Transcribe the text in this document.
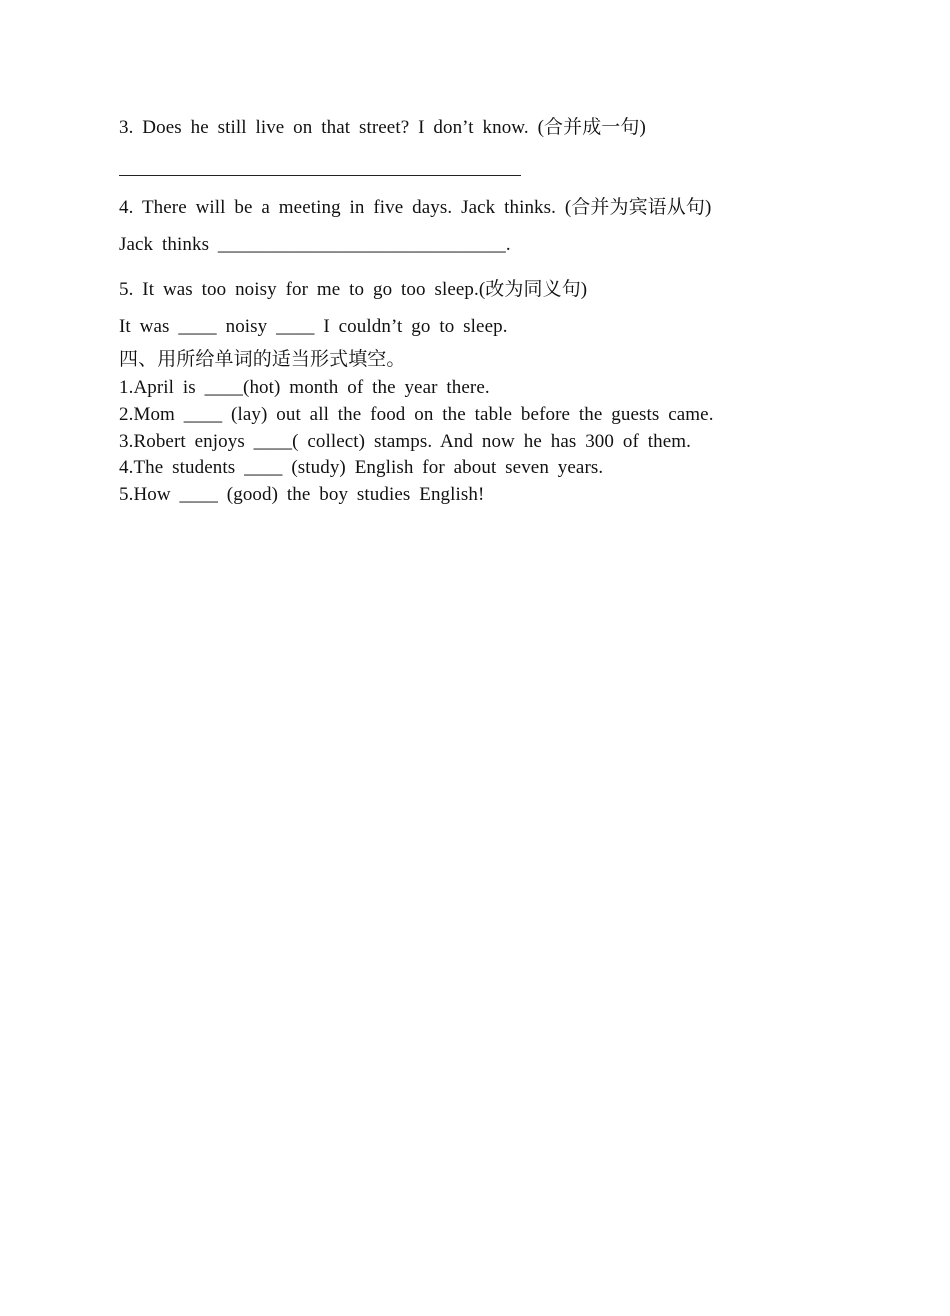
3. Does he still live on that street? I don’t know. (合并成一句)
4. There will be a meeting in five days. Jack thinks. (合并为宾语从句)
Jack thinks ______________________________.
5. It was too noisy for me to go too sleep.(改为同义句)
It was ____ noisy ____ I couldn’t go to sleep.
四、用所给单词的适当形式填空。
1.April is ____(hot) month of the year there.
2.Mom ____ (lay) out all the food on the table before the guests came.
3.Robert enjoys ____( collect) stamps. And now he has 300 of them.
4.The students ____ (study) English for about seven years.
5.How ____ (good) the boy studies English!
